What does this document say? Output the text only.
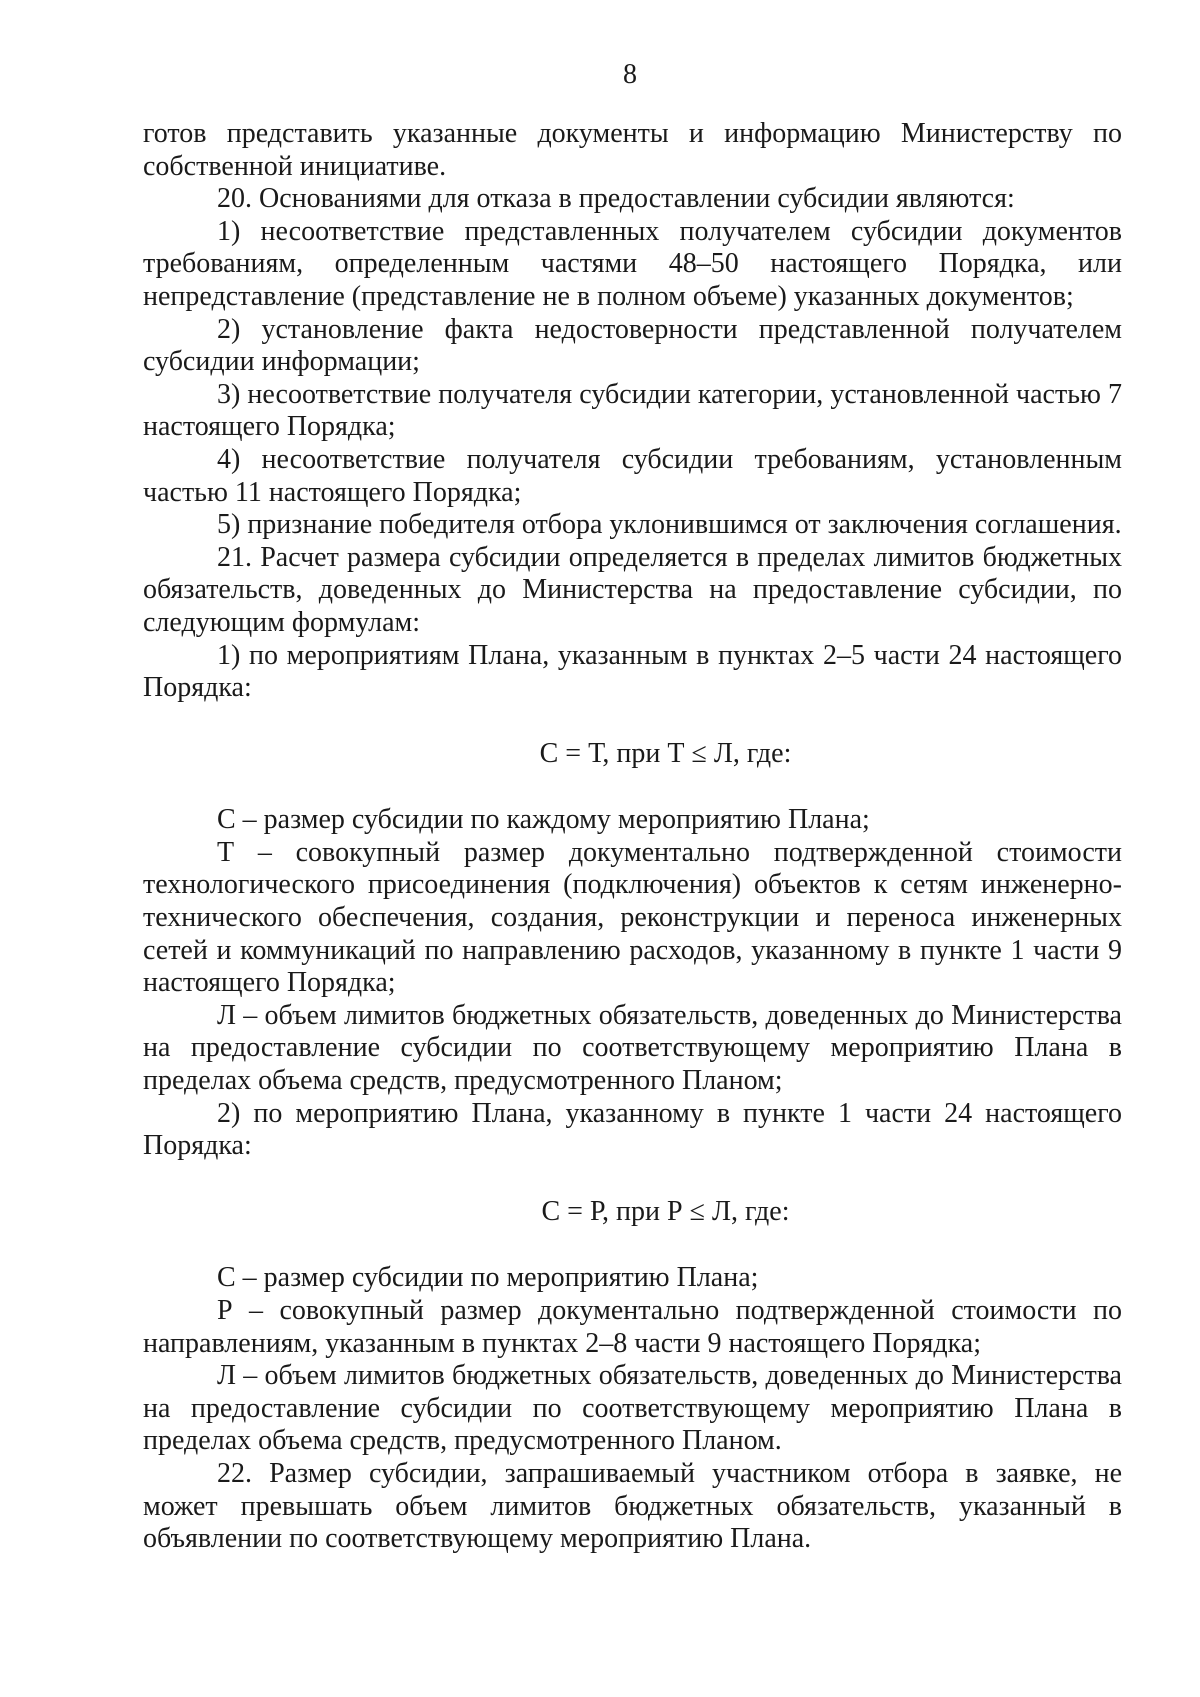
8

готов представить указанные документы и информацию Министерству по собственной инициативе.

20. Основаниями для отказа в предоставлении субсидии являются:

1) несоответствие представленных получателем субсидии документов требованиям, определенным частями 48–50 настоящего Порядка, или непредставление (представление не в полном объеме) указанных документов;

2) установление факта недостоверности представленной получателем субсидии информации;

3) несоответствие получателя субсидии категории, установленной частью 7 настоящего Порядка;

4) несоответствие получателя субсидии требованиям, установленным частью 11 настоящего Порядка;

5) признание победителя отбора уклонившимся от заключения соглашения.

21. Расчет размера субсидии определяется в пределах лимитов бюджетных обязательств, доведенных до Министерства на предоставление субсидии, по следующим формулам:

1) по мероприятиям Плана, указанным в пунктах 2–5 части 24 настоящего Порядка:

С = Т, при Т ≤ Л, где:

С – размер субсидии по каждому мероприятию Плана;

Т – совокупный размер документально подтвержденной стоимости технологического присоединения (подключения) объектов к сетям инженерно-технического обеспечения, создания, реконструкции и переноса инженерных сетей и коммуникаций по направлению расходов, указанному в пункте 1 части 9 настоящего Порядка;

Л – объем лимитов бюджетных обязательств, доведенных до Министерства на предоставление субсидии по соответствующему мероприятию Плана в пределах объема средств, предусмотренного Планом;

2) по мероприятию Плана, указанному в пункте 1 части 24 настоящего Порядка:

С = Р, при Р ≤ Л, где:

С – размер субсидии по мероприятию Плана;

Р – совокупный размер документально подтвержденной стоимости по направлениям, указанным в пунктах 2–8 части 9 настоящего Порядка;

Л – объем лимитов бюджетных обязательств, доведенных до Министерства на предоставление субсидии по соответствующему мероприятию Плана в пределах объема средств, предусмотренного Планом.

22. Размер субсидии, запрашиваемый участником отбора в заявке, не может превышать объем лимитов бюджетных обязательств, указанный в объявлении по соответствующему мероприятию Плана.
